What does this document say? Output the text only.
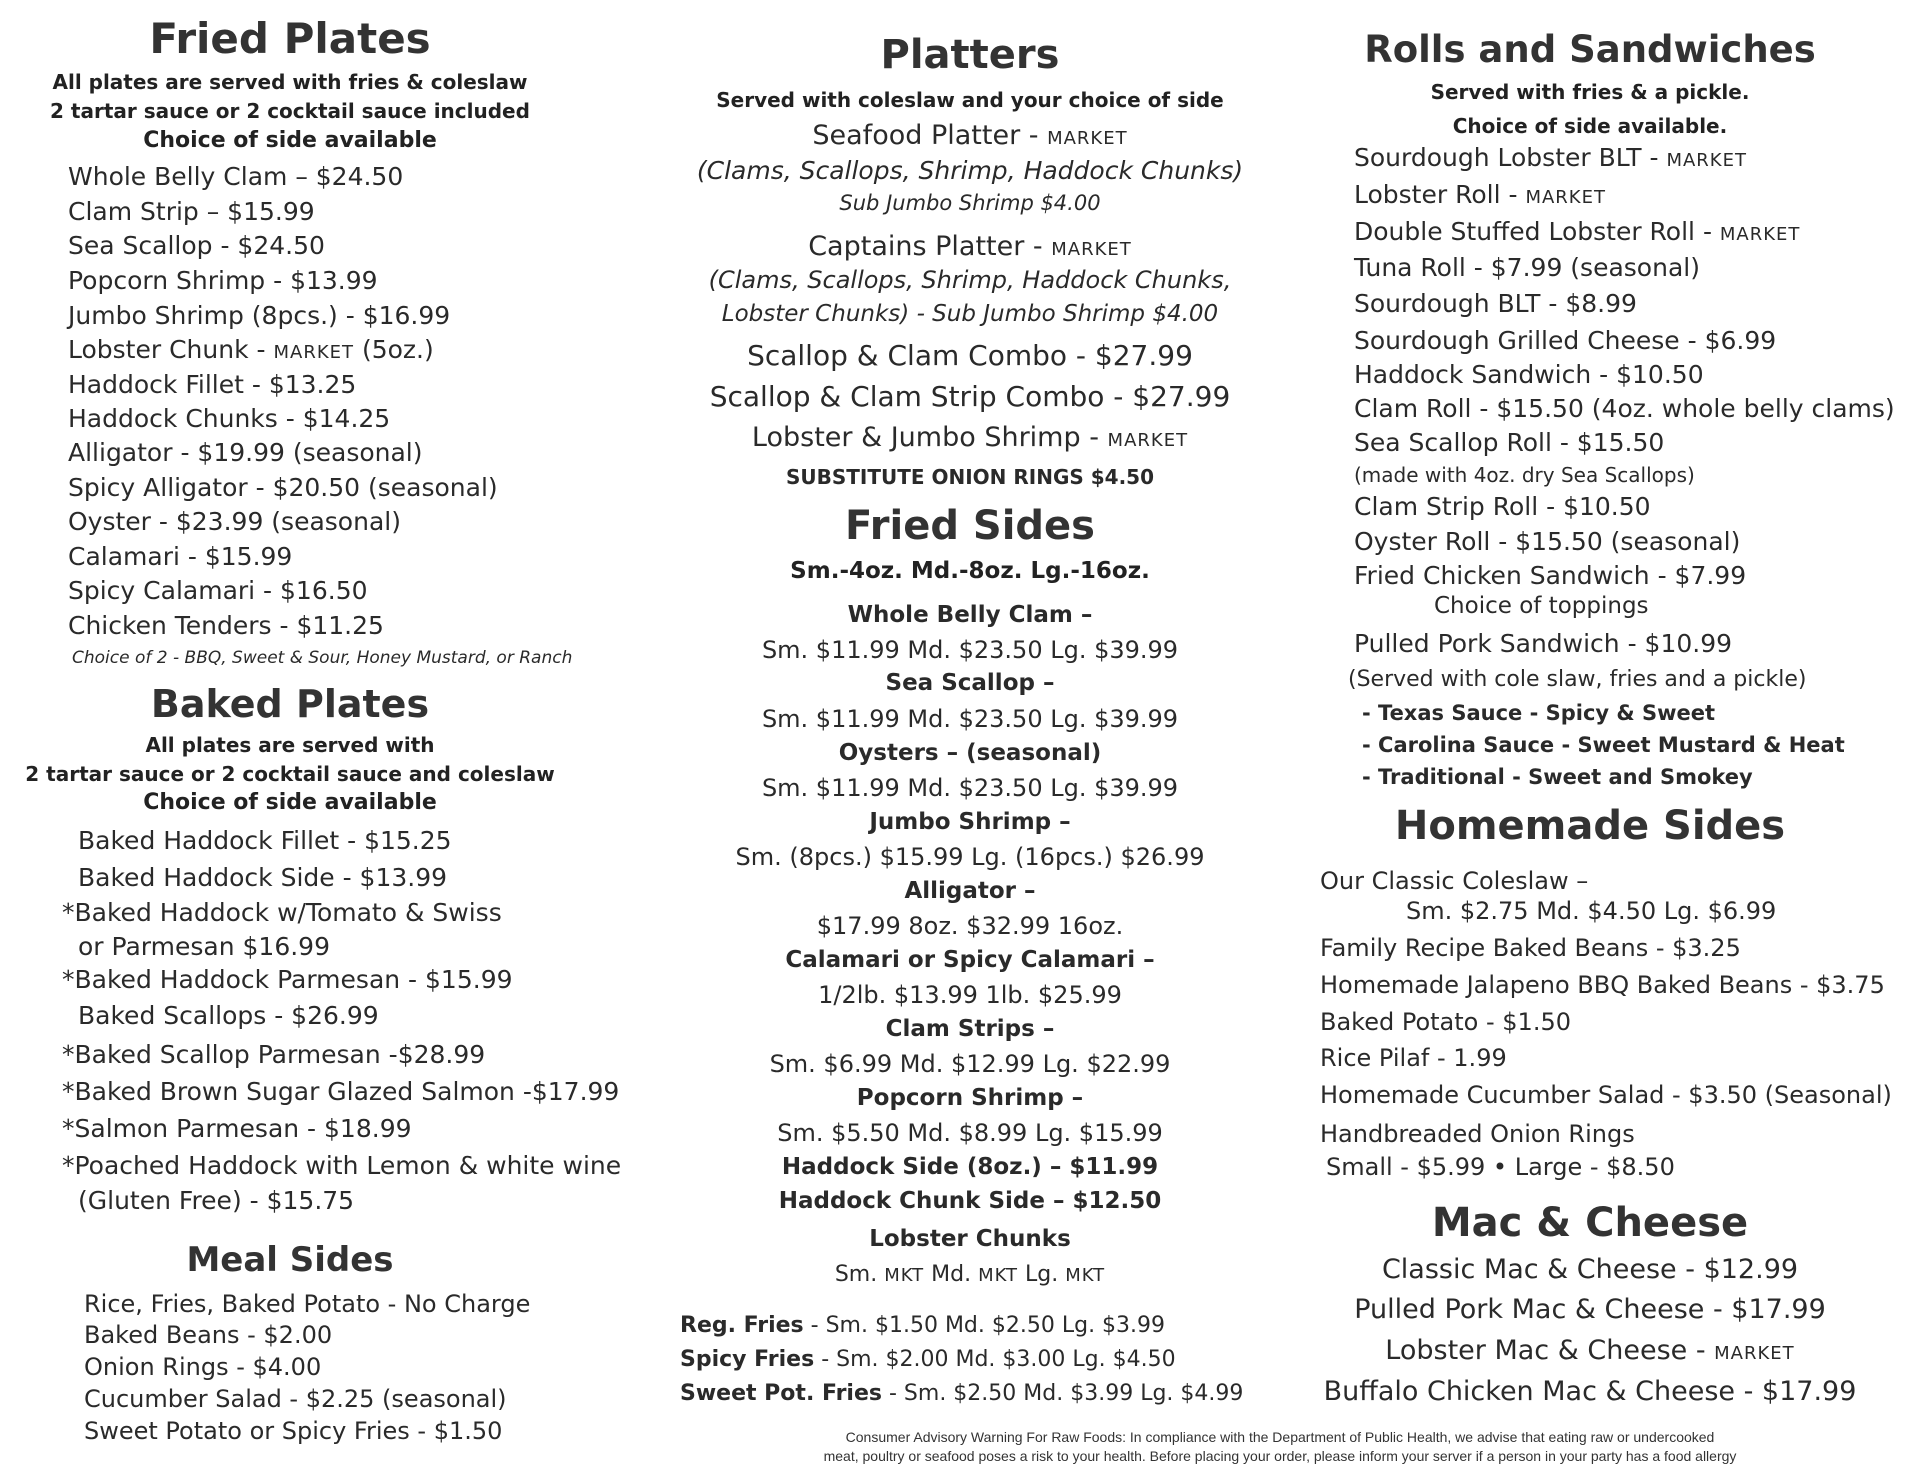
Fried Plates
All plates are served with fries & coleslaw
2 tartar sauce or 2 cocktail sauce included
Choice of side available
Whole Belly Clam – $24.50
Clam Strip – $15.99
Sea Scallop - $24.50
Popcorn Shrimp - $13.99
Jumbo Shrimp (8pcs.) - $16.99
Lobster Chunk - MARKET (5oz.)
Haddock Fillet - $13.25
Haddock Chunks - $14.25
Alligator - $19.99 (seasonal)
Spicy Alligator - $20.50 (seasonal)
Oyster - $23.99 (seasonal)
Calamari - $15.99
Spicy Calamari - $16.50
Chicken Tenders - $11.25
Choice of 2 - BBQ, Sweet & Sour, Honey Mustard, or Ranch
Baked Plates
All plates are served with
2 tartar sauce or 2 cocktail sauce and coleslaw
Choice of side available
Baked Haddock Fillet - $15.25
Baked Haddock Side - $13.99
*Baked Haddock w/Tomato & Swiss
or Parmesan $16.99
*Baked Haddock Parmesan - $15.99
Baked Scallops - $26.99
*Baked Scallop Parmesan -$28.99
*Baked Brown Sugar Glazed Salmon -$17.99
*Salmon Parmesan - $18.99
*Poached Haddock with Lemon & white wine
(Gluten Free) - $15.75
Meal Sides
Rice, Fries, Baked Potato - No Charge
Baked Beans - $2.00
Onion Rings - $4.00
Cucumber Salad - $2.25 (seasonal)
Sweet Potato or Spicy Fries - $1.50
Platters
Served with coleslaw and your choice of side
Seafood Platter - MARKET
(Clams, Scallops, Shrimp, Haddock Chunks)
Sub Jumbo Shrimp $4.00
Captains Platter - MARKET
(Clams, Scallops, Shrimp, Haddock Chunks,
Lobster Chunks) - Sub Jumbo Shrimp $4.00
Scallop & Clam Combo - $27.99
Scallop & Clam Strip Combo - $27.99
Lobster & Jumbo Shrimp - MARKET
SUBSTITUTE ONION RINGS $4.50
Fried Sides
Sm.-4oz. Md.-8oz. Lg.-16oz.
Whole Belly Clam –
Sm. $11.99 Md. $23.50 Lg. $39.99
Sea Scallop –
Sm. $11.99 Md. $23.50 Lg. $39.99
Oysters – (seasonal)
Sm. $11.99 Md. $23.50 Lg. $39.99
Jumbo Shrimp –
Sm. (8pcs.) $15.99 Lg. (16pcs.) $26.99
Alligator –
$17.99 8oz. $32.99 16oz.
Calamari or Spicy Calamari –
1/2lb. $13.99 1lb. $25.99
Clam Strips –
Sm. $6.99 Md. $12.99 Lg. $22.99
Popcorn Shrimp –
Sm. $5.50 Md. $8.99 Lg. $15.99
Haddock Side (8oz.) – $11.99
Haddock Chunk Side – $12.50
Lobster Chunks
Sm. MKT Md. MKT Lg. MKT
Reg. Fries - Sm. $1.50 Md. $2.50 Lg. $3.99
Spicy Fries - Sm. $2.00 Md. $3.00 Lg. $4.50
Sweet Pot. Fries - Sm. $2.50 Md. $3.99 Lg. $4.99
Rolls and Sandwiches
Served with fries & a pickle.
Choice of side available.
Sourdough Lobster BLT - MARKET
Lobster Roll - MARKET
Double Stuffed Lobster Roll - MARKET
Tuna Roll - $7.99 (seasonal)
Sourdough BLT - $8.99
Sourdough Grilled Cheese - $6.99
Haddock Sandwich - $10.50
Clam Roll - $15.50 (4oz. whole belly clams)
Sea Scallop Roll - $15.50
(made with 4oz. dry Sea Scallops)
Clam Strip Roll - $10.50
Oyster Roll - $15.50 (seasonal)
Fried Chicken Sandwich - $7.99
Choice of toppings
Pulled Pork Sandwich - $10.99
(Served with cole slaw, fries and a pickle)
- Texas Sauce - Spicy & Sweet
- Carolina Sauce - Sweet Mustard & Heat
- Traditional - Sweet and Smokey
Homemade Sides
Our Classic Coleslaw –
Sm. $2.75 Md. $4.50 Lg. $6.99
Family Recipe Baked Beans - $3.25
Homemade Jalapeno BBQ Baked Beans - $3.75
Baked Potato - $1.50
Rice Pilaf - 1.99
Homemade Cucumber Salad - $3.50 (Seasonal)
Handbreaded Onion Rings
Small - $5.99 • Large - $8.50
Mac & Cheese
Classic Mac & Cheese - $12.99
Pulled Pork Mac & Cheese - $17.99
Lobster Mac & Cheese - MARKET
Buffalo Chicken Mac & Cheese - $17.99
Consumer Advisory Warning For Raw Foods: In compliance with the Department of Public Health, we advise that eating raw or undercooked
meat, poultry or seafood poses a risk to your health. Before placing your order, please inform your server if a person in your party has a food allergy
